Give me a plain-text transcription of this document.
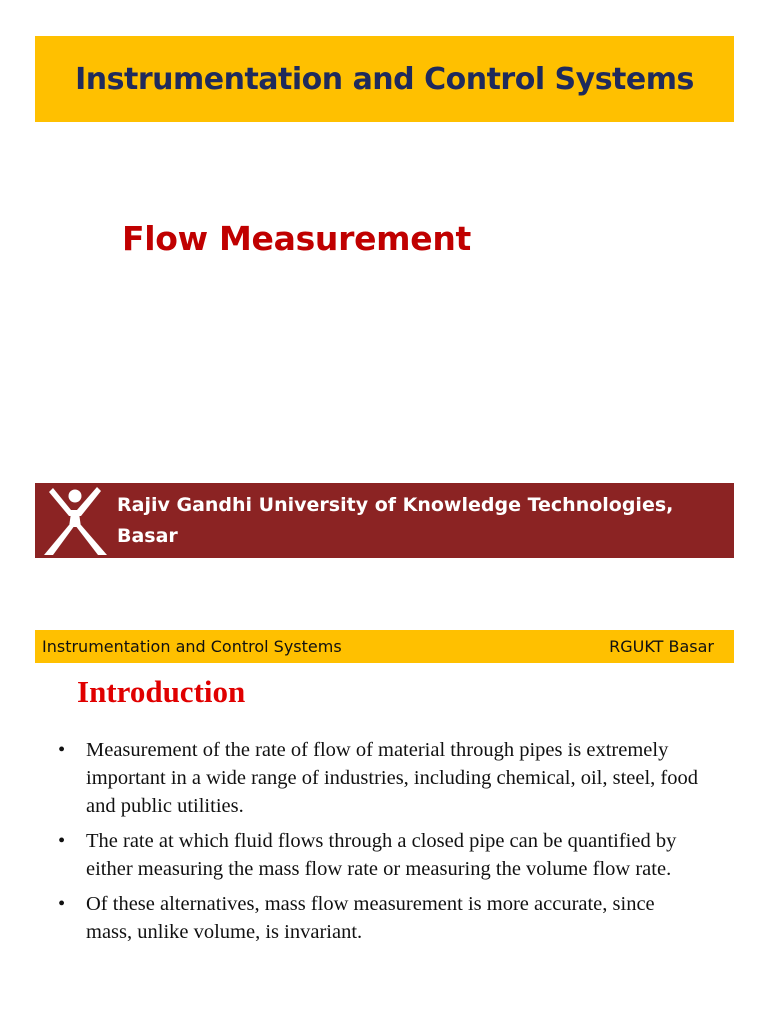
Instrumentation and Control Systems
Flow Measurement
Rajiv Gandhi University of Knowledge Technologies,
Basar
Instrumentation and Control Systems	RGUKT Basar
Introduction
• Measurement of the rate of flow of material through pipes is extremely important in a wide range of industries, including chemical, oil, steel, food and public utilities.
• The rate at which fluid flows through a closed pipe can be quantified by either measuring the mass flow rate or measuring the volume flow rate.
• Of these alternatives, mass flow measurement is more accurate, since mass, unlike volume, is invariant.
